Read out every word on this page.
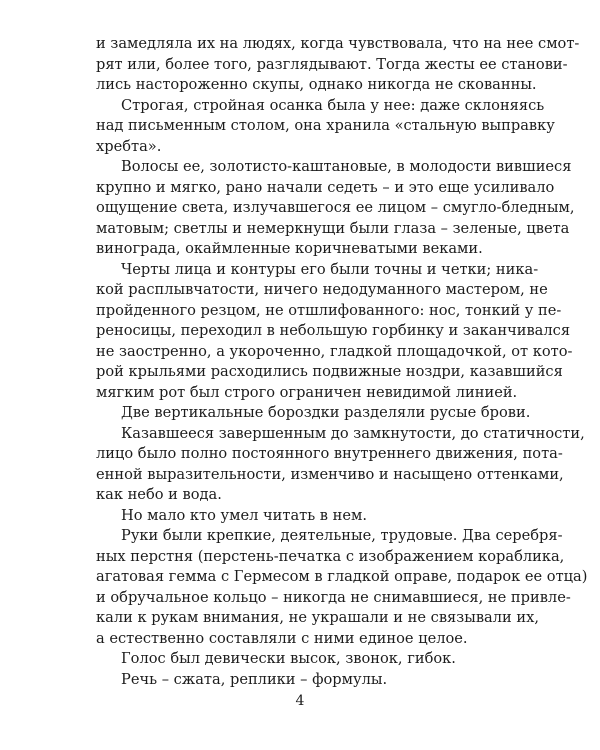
и замедляла их на людях, когда чувствовала, что на нее смот-
рят или, более того, разглядывают. Тогда жесты ее станови-
лись настороженно скупы, однако никогда не скованны.
Строгая, стройная осанка была у нее: даже склоняясь
над письменным столом, она хранила «стальную выправку
хребта».
Волосы ее, золотисто-каштановые, в молодости вившиеся
крупно и мягко, рано начали седеть – и это еще усиливало
ощущение света, излучавшегося ее лицом – смугло-бледным,
матовым; светлы и немеркнущи были глаза – зеленые, цвета
винограда, окаймленные коричневатыми веками.
Черты лица и контуры его были точны и четки; ника-
кой расплывчатости, ничего недодуманного мастером, не
пройденного резцом, не отшлифованного: нос, тонкий у пе-
реносицы, переходил в небольшую горбинку и заканчивался
не заостренно, а укороченно, гладкой площадочкой, от кото-
рой крыльями расходились подвижные ноздри, казавшийся
мягким рот был строго ограничен невидимой линией.
Две вертикальные бороздки разделяли русые брови.
Казавшееся завершенным до замкнутости, до статичности,
лицо было полно постоянного внутреннего движения, пота-
енной выразительности, изменчиво и насыщено оттенками,
как небо и вода.
Но мало кто умел читать в нем.
Руки были крепкие, деятельные, трудовые. Два серебря-
ных перстня (перстень-печатка с изображением кораблика,
агатовая гемма с Гермесом в гладкой оправе, подарок ее отца)
и обручальное кольцо – никогда не снимавшиеся, не привле-
кали к рукам внимания, не украшали и не связывали их,
а естественно составляли с ними единое целое.
Голос был девически высок, звонок, гибок.
Речь – сжата, реплики – формулы.
4
